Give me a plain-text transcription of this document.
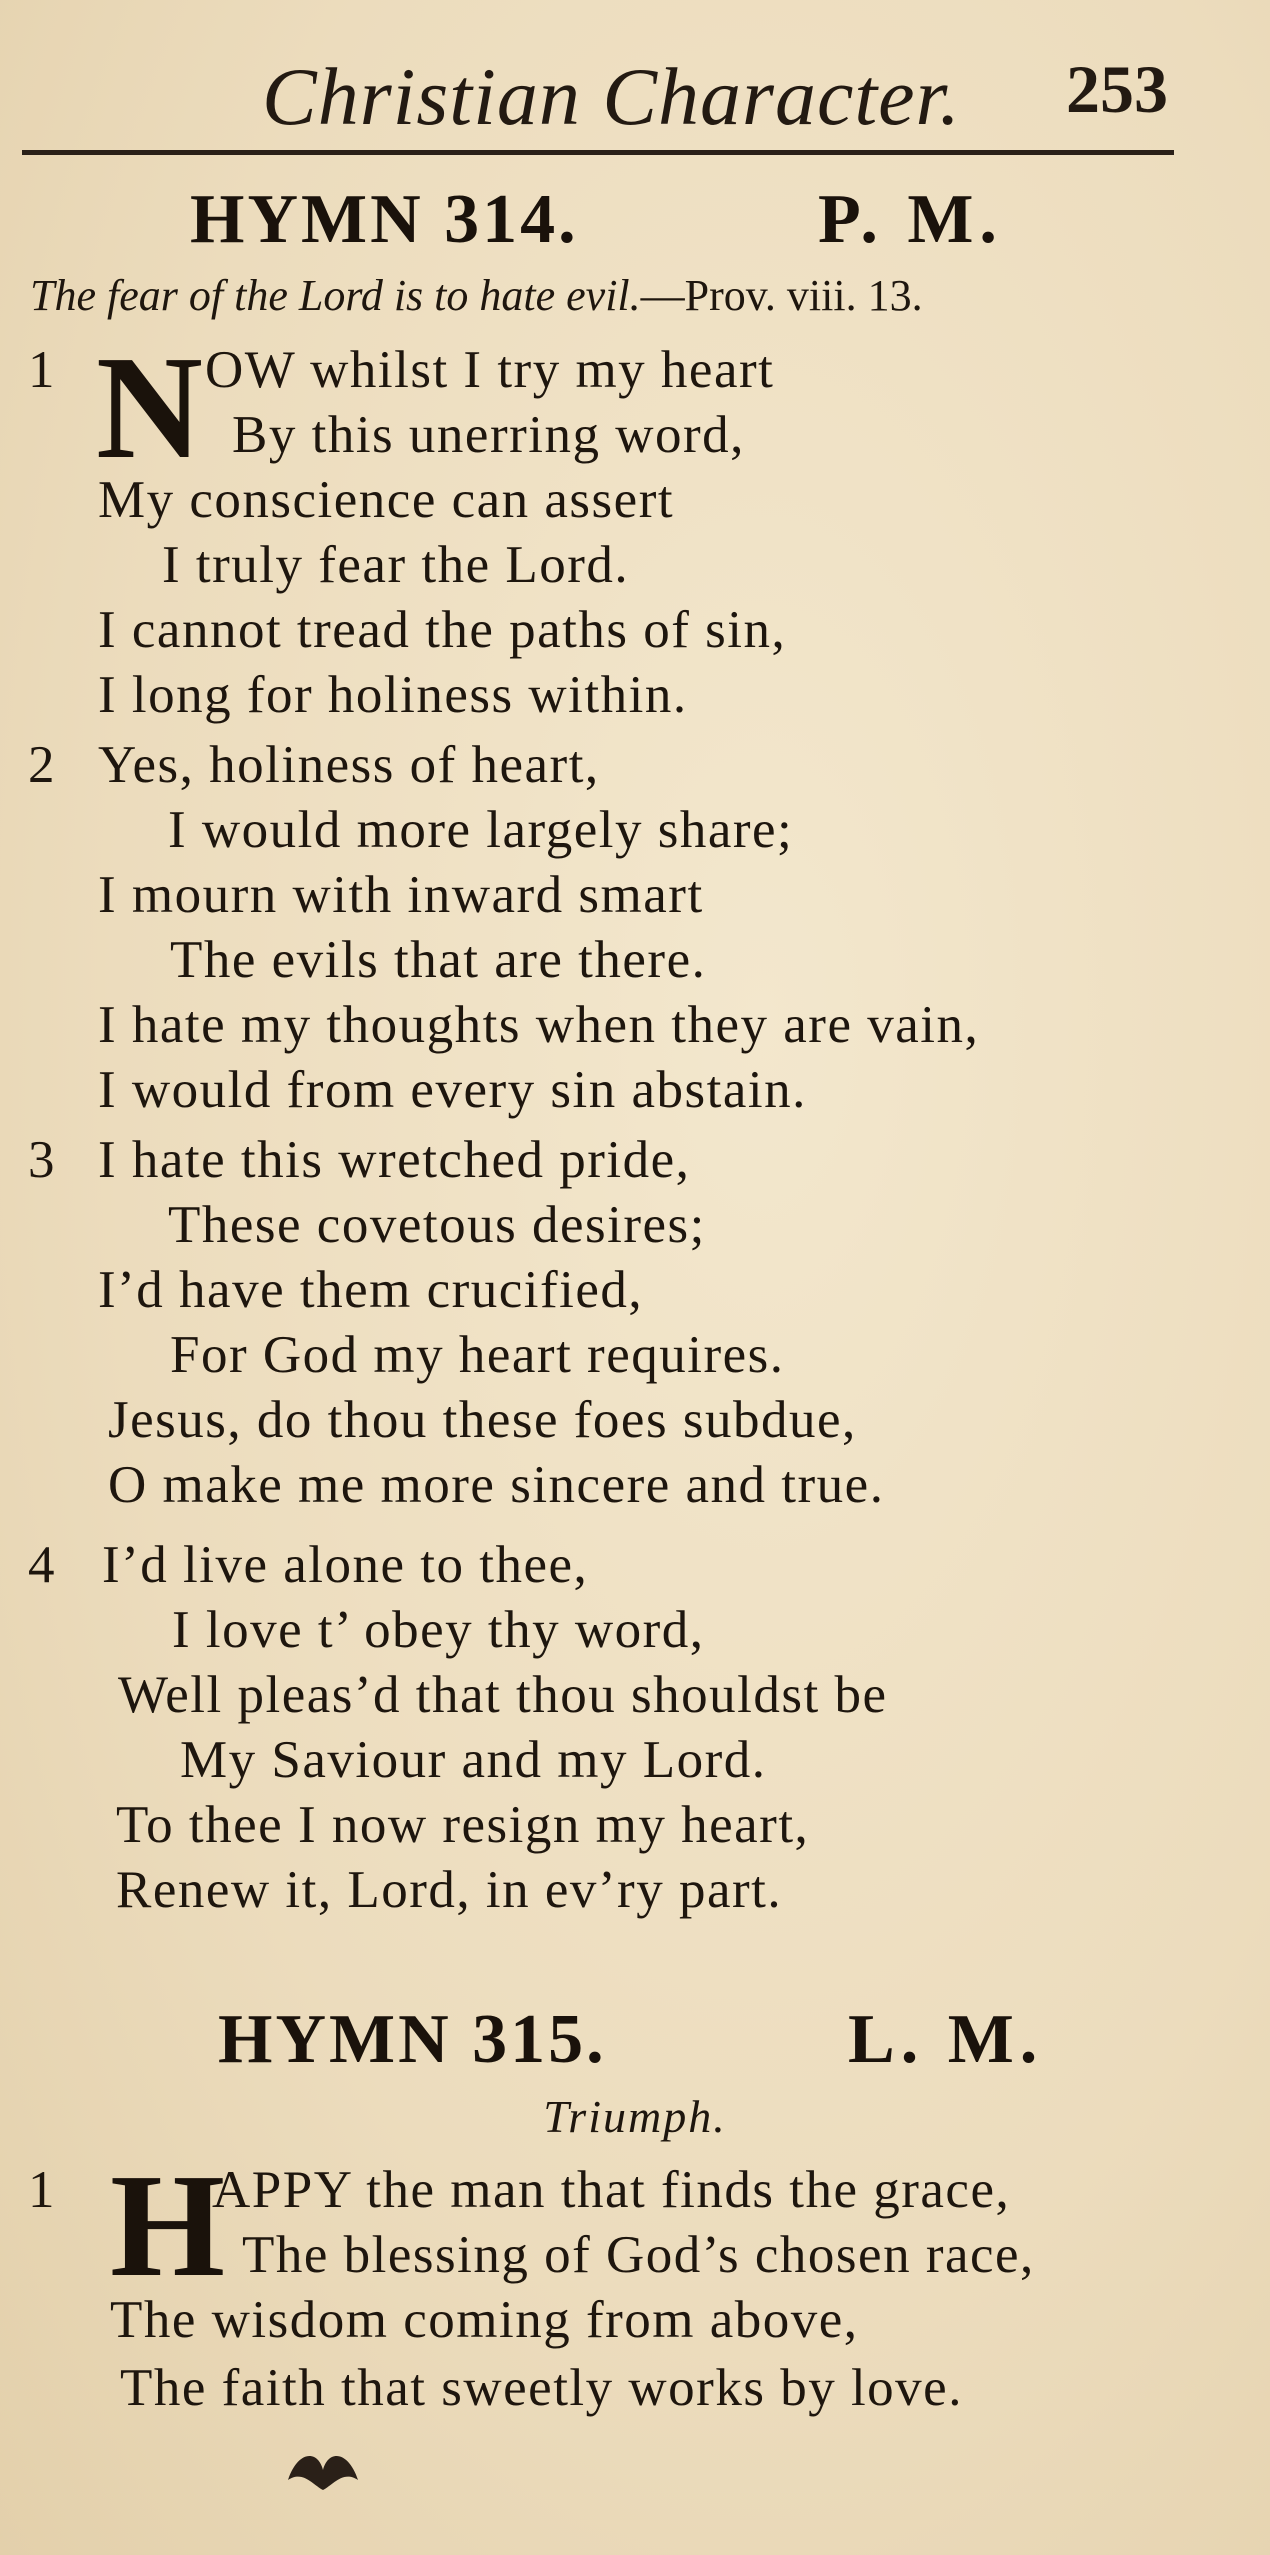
Christian Character. 253
HYMN 314.	P. M.
The fear of the Lord is to hate evil.—Prov. viii. 13.
1 N OW whilst I try my heart
By this unerring word,
My conscience can assert
I truly fear the Lord.
I cannot tread the paths of sin,
I long for holiness within.
2 Yes, holiness of heart,
I would more largely share;
I mourn with inward smart
The evils that are there.
I hate my thoughts when they are vain,
I would from every sin abstain.
3 I hate this wretched pride,
These covetous desires;
I’d have them crucified,
For God my heart requires.
Jesus, do thou these foes subdue,
O make me more sincere and true.
4 I’d live alone to thee,
I love t’ obey thy word,
Well pleas’d that thou shouldst be
My Saviour and my Lord.
To thee I now resign my heart,
Renew it, Lord, in ev’ry part.
HYMN 315.	L. M.
Triumph.
1 H
APPY the man that finds the grace,
The blessing of God’s chosen race,
The wisdom coming from above,
The faith that sweetly works by love.
